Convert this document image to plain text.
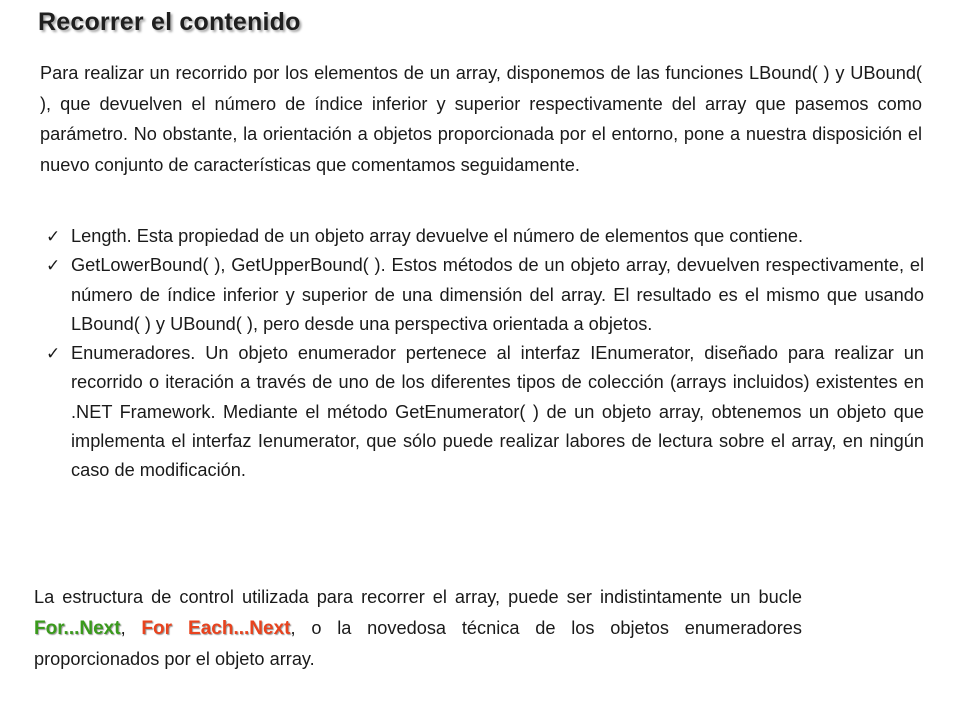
Recorrer el contenido

Para realizar un recorrido por los elementos de un array, disponemos de las funciones LBound( ) y UBound( ), que devuelven el número de índice inferior y superior respectivamente del array que pasemos como parámetro. No obstante, la orientación a objetos proporcionada por el entorno, pone a nuestra disposición el nuevo conjunto de características que comentamos seguidamente.

✓ Length. Esta propiedad de un objeto array devuelve el número de elementos que contiene.
✓ GetLowerBound( ), GetUpperBound( ). Estos métodos de un objeto array, devuelven respectivamente, el número de índice inferior y superior de una dimensión del array. El resultado es el mismo que usando LBound( ) y UBound( ), pero desde una perspectiva orientada a objetos.
✓ Enumeradores. Un objeto enumerador pertenece al interfaz IEnumerator, diseñado para realizar un recorrido o iteración a través de uno de los diferentes tipos de colección (arrays incluidos) existentes en .NET Framework. Mediante el método GetEnumerator( ) de un objeto array, obtenemos un objeto que implementa el interfaz Ienumerator, que sólo puede realizar labores de lectura sobre el array, en ningún caso de modificación.

La estructura de control utilizada para recorrer el array, puede ser indistintamente un bucle For...Next, For Each...Next, o la novedosa técnica de los objetos enumeradores proporcionados por el objeto array.
